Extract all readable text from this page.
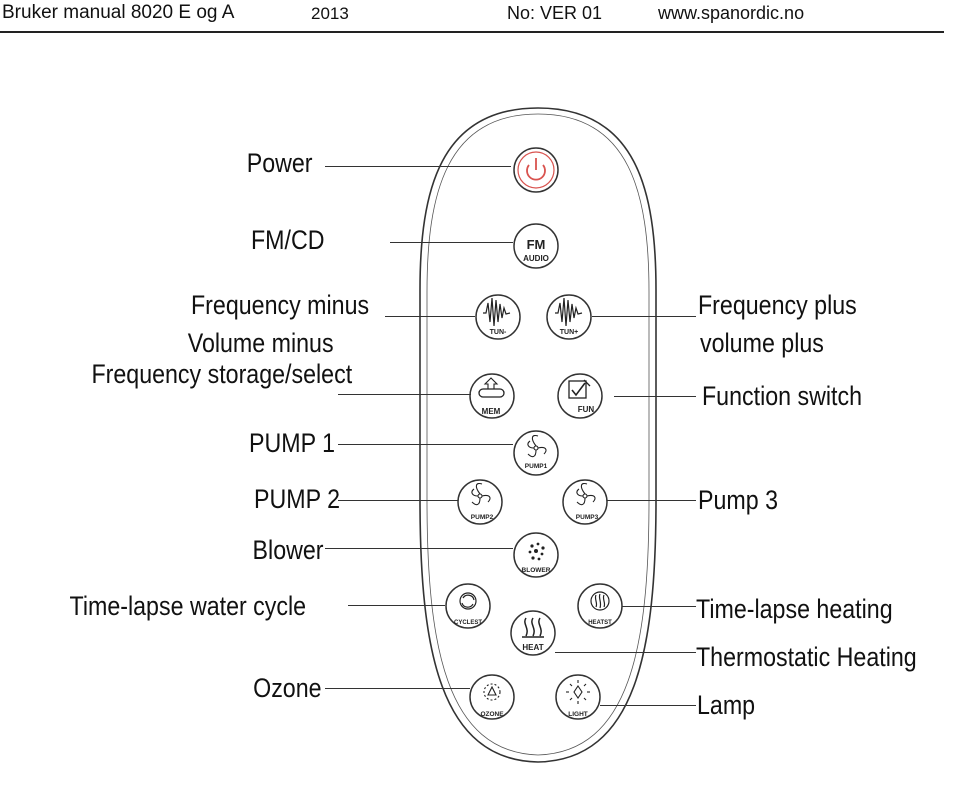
Bruker manual 8020 E og A	2013	No: VER 01	www.spanordic.no
FM
AUDIO
TUN-	TUN+
MEM	FUN
PUMP1
PUMP2	PUMP3
BLOWER
CYCLEST	HEATST
HEAT
OZONE	LIGHT
Power
FM/CD
Frequency minus
Volume minus
Frequency storage/select
PUMP 1
PUMP 2
Blower
Time-lapse water cycle
Ozone
Frequency plus
volume plus
Function switch
Pump 3
Time-lapse heating
Thermostatic Heating
Lamp
